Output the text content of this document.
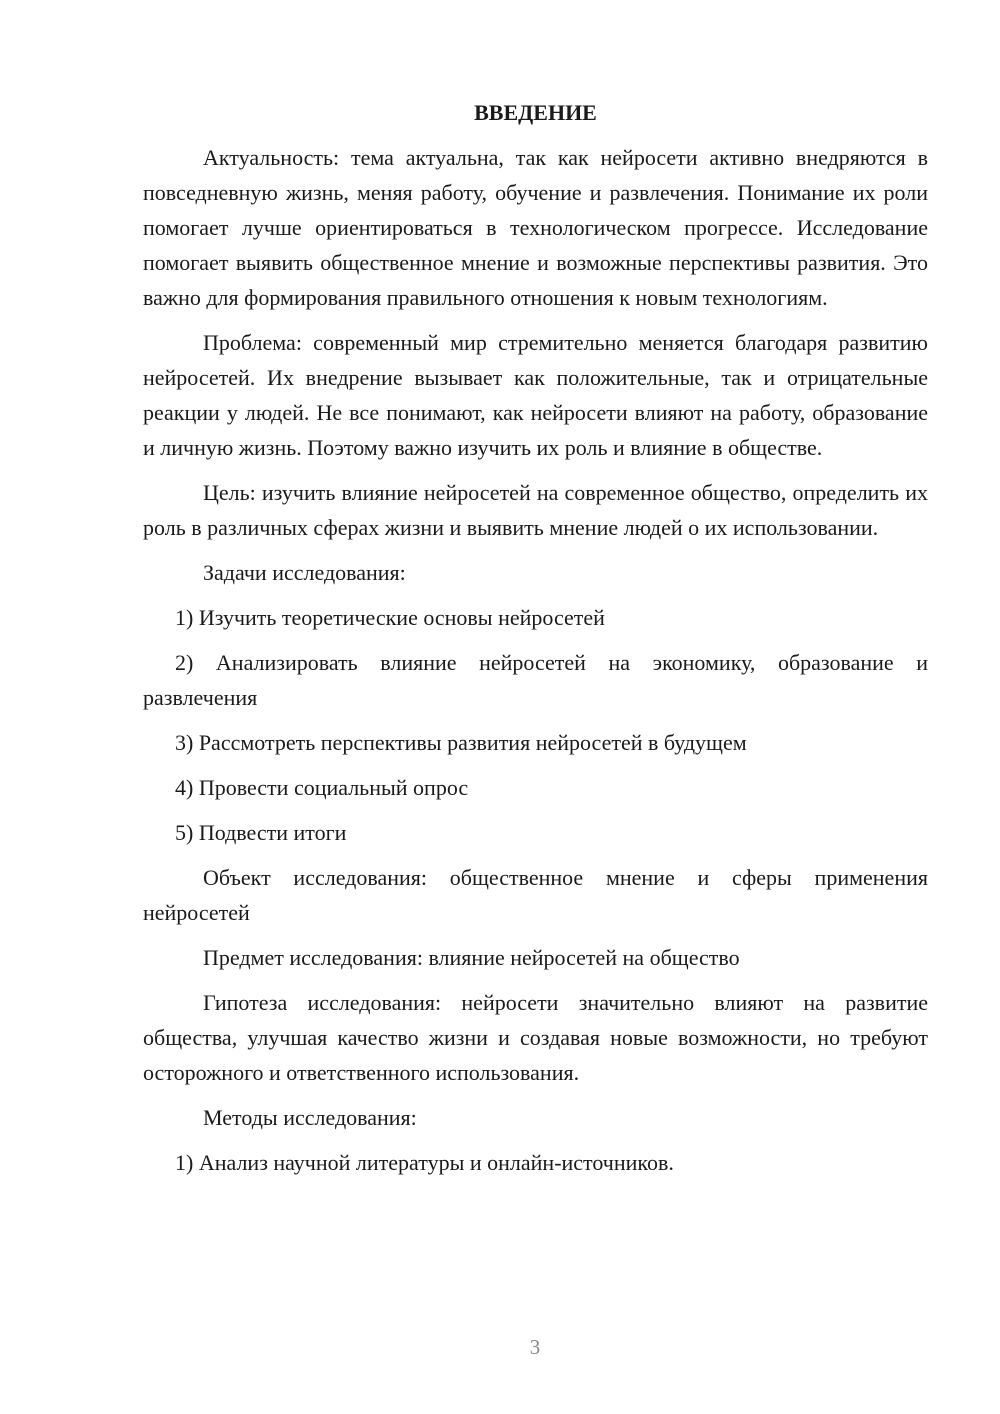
ВВЕДЕНИЕ
Актуальность: тема актуальна, так как нейросети активно внедряются в повседневную жизнь, меняя работу, обучение и развлечения. Понимание их роли помогает лучше ориентироваться в технологическом прогрессе. Исследование помогает выявить общественное мнение и возможные перспективы развития. Это важно для формирования правильного отношения к новым технологиям.
Проблема: современный мир стремительно меняется благодаря развитию нейросетей. Их внедрение вызывает как положительные, так и отрицательные реакции у людей. Не все понимают, как нейросети влияют на работу, образование и личную жизнь. Поэтому важно изучить их роль и влияние в обществе.
Цель: изучить влияние нейросетей на современное общество, определить их роль в различных сферах жизни и выявить мнение людей о их использовании.
Задачи исследования:
1) Изучить теоретические основы нейросетей
2) Анализировать влияние нейросетей на экономику, образование и развлечения
3) Рассмотреть перспективы развития нейросетей в будущем
4) Провести социальный опрос
5) Подвести итоги
Объект исследования: общественное мнение и сферы применения нейросетей
Предмет исследования: влияние нейросетей на общество
Гипотеза исследования: нейросети значительно влияют на развитие общества, улучшая качество жизни и создавая новые возможности, но требуют осторожного и ответственного использования.
Методы исследования:
1) Анализ научной литературы и онлайн-источников.
3
